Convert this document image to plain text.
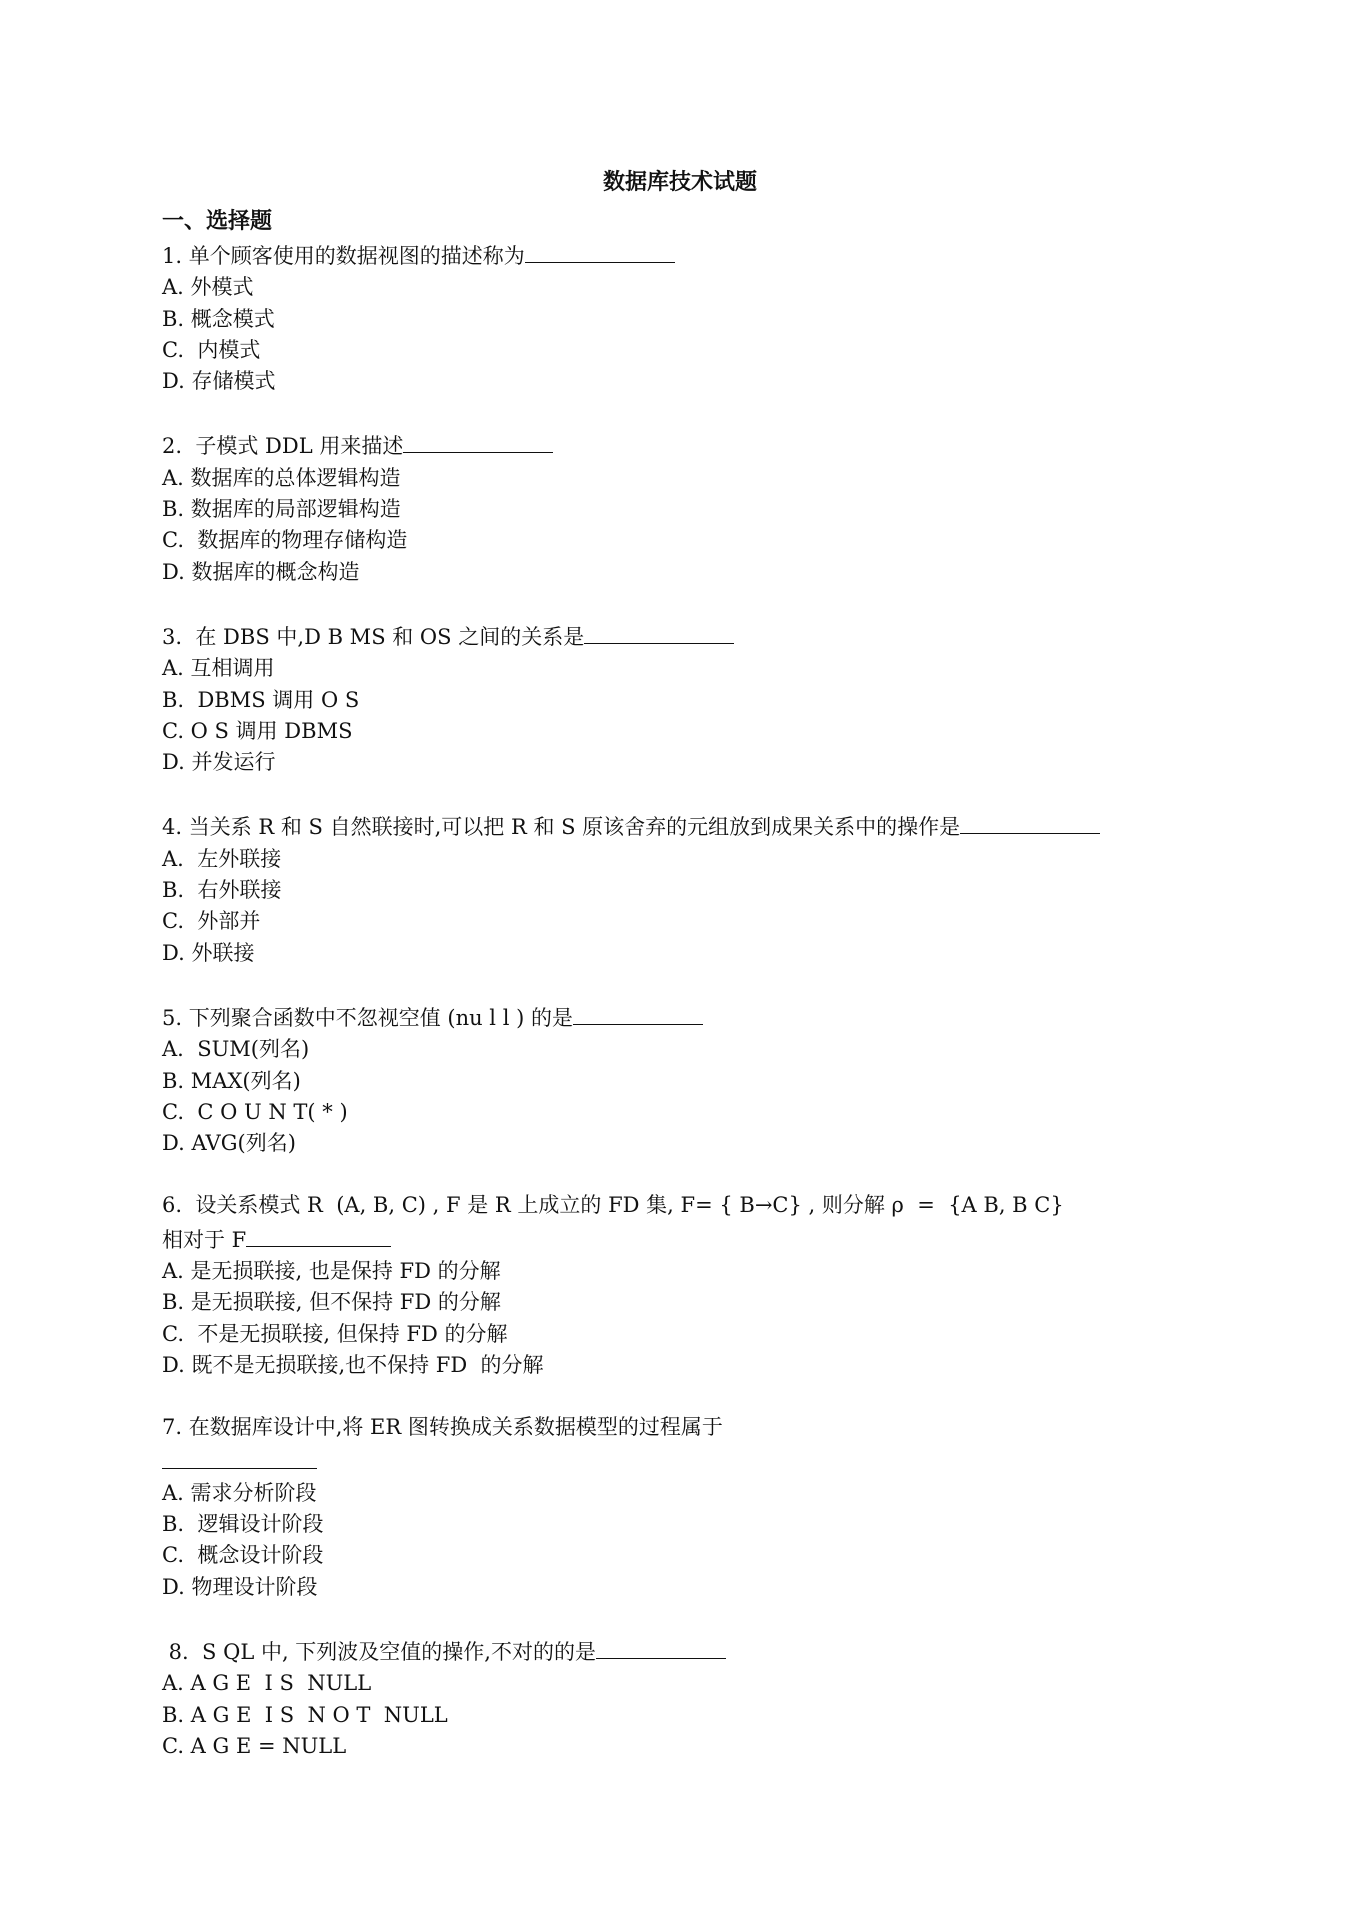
数据库技术试题
一、选择题
1. 单个顾客使用的数据视图的描述称为
A. 外模式
B. 概念模式
C.  内模式
D. 存储模式
2.  子模式 DDL 用来描述
A. 数据库的总体逻辑构造
B. 数据库的局部逻辑构造
C.  数据库的物理存储构造
D. 数据库的概念构造
3.  在 DBS 中,D B MS 和 OS 之间的关系是
A. 互相调用
B.  DBMS 调用 O S
C. O S 调用 DBMS
D. 并发运行
4. 当关系 R 和 S 自然联接时,可以把 R 和 S 原该舍弃的元组放到成果关系中的操作是
A.  左外联接
B.  右外联接
C.  外部并
D. 外联接
5. 下列聚合函数中不忽视空值 (nu l l ) 的是
A.  SUM(列名)
B. MAX(列名)
C.  C O U N T( * )
D. AVG(列名)
6.  设关系模式 R  (A, B, C) , F 是 R 上成立的 FD 集, F= { B→C} , 则分解 ρ  =  {A B, B C}
相对于 F
A. 是无损联接, 也是保持 FD 的分解
B. 是无损联接, 但不保持 FD 的分解
C.  不是无损联接, 但保持 FD 的分解
D. 既不是无损联接,也不保持 FD  的分解
7. 在数据库设计中,将 ER 图转换成关系数据模型的过程属于
A. 需求分析阶段
B.  逻辑设计阶段
C.  概念设计阶段
D. 物理设计阶段
8.  S QL 中, 下列波及空值的操作,不对的的是
A. A G E  I S  NULL
B. A G E  I S  N O T  NULL
C. A G E = NULL
